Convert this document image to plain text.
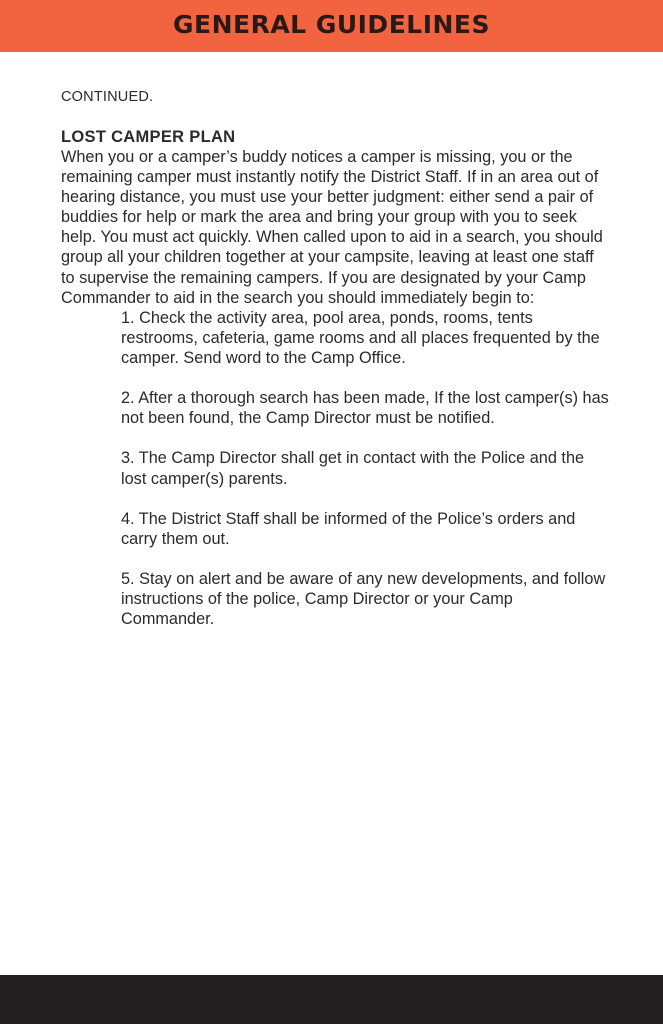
GENERAL GUIDELINES

CONTINUED.

LOST CAMPER PLAN

When you or a camper’s buddy notices a camper is missing, you or the remaining camper must instantly notify the District Staff. If in an area out of hearing distance, you must use your better judgment: either send a pair of buddies for help or mark the area and bring your group with you to seek help. You must act quickly. When called upon to aid in a search, you should group all your children together at your campsite, leaving at least one staff to supervise the remaining campers. If you are designated by your Camp Commander to aid in the search you should immediately begin to:

1. Check the activity area, pool area, ponds, rooms, tents restrooms, cafeteria, game rooms and all places frequented by the camper. Send word to the Camp Office.
2. After a thorough search has been made, If the lost camper(s) has not been found, the Camp Director must be notified.
3. The Camp Director shall get in contact with the Police and the lost camper(s) parents.
4. The District Staff shall be informed of the Police’s orders and carry them out.
5. Stay on alert and be aware of any new developments, and follow instructions of the police, Camp Director or your Camp Commander.
